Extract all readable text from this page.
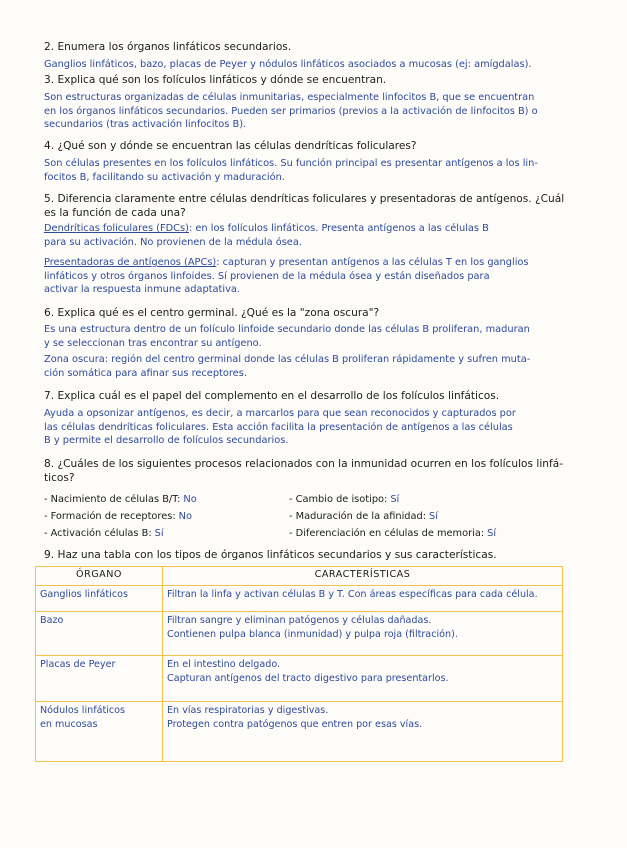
2. Enumera los órganos linfáticos secundarios.
Ganglios linfáticos, bazo, placas de Peyer y nódulos linfáticos asociados a mucosas (ej: amígdalas).
3. Explica qué son los folículos linfáticos y dónde se encuentran.
Son estructuras organizadas de células inmunitarias, especialmente linfocitos B, que se encuentran
en los órganos linfáticos secundarios. Pueden ser primarios (previos a la activación de linfocitos B) o
secundarios (tras activación linfocitos B).
4. ¿Qué son y dónde se encuentran las células dendríticas foliculares?
Son células presentes en los folículos linfáticos. Su función principal es presentar antígenos a los lin-
focitos B, facilitando su activación y maduración.
5. Diferencia claramente entre células dendríticas foliculares y presentadoras de antígenos. ¿Cuál
es la función de cada una?
Dendríticas foliculares (FDCs): en los folículos linfáticos. Presenta antígenos a las células B
para su activación. No provienen de la médula ósea.
Presentadoras de antígenos (APCs): capturan y presentan antígenos a las células T en los ganglios
linfáticos y otros órganos linfoides. Sí provienen de la médula ósea y están diseñados para
activar la respuesta inmune adaptativa.
6. Explica qué es el centro germinal. ¿Qué es la "zona oscura"?
Es una estructura dentro de un folículo linfoide secundario donde las células B proliferan, maduran
y se seleccionan tras encontrar su antígeno.
Zona oscura: región del centro germinal donde las células B proliferan rápidamente y sufren muta-
ción somática para afinar sus receptores.
7. Explica cuál es el papel del complemento en el desarrollo de los folículos linfáticos.
Ayuda a opsonizar antígenos, es decir, a marcarlos para que sean reconocidos y capturados por
las células dendríticas foliculares. Esta acción facilita la presentación de antígenos a las células
B y permite el desarrollo de folículos secundarios.
8. ¿Cuáles de los siguientes procesos relacionados con la inmunidad ocurren en los folículos linfá-
ticos?
- Nacimiento de células B/T: No
- Formación de receptores: No
- Activación células B: Sí
- Cambio de isotipo: Sí
- Maduración de la afinidad: Sí
- Diferenciación en células de memoria: Sí
9. Haz una tabla con los tipos de órganos linfáticos secundarios y sus características.
ÓRGANO	CARACTERÍSTICAS

Ganglios linfáticos	Filtran la linfa y activan células B y T. Con áreas específicas para cada célula.

Bazo	Filtran sangre y eliminan patógenos y células dañadas.
Contienen pulpa blanca (inmunidad) y pulpa roja (filtración).

Placas de Peyer	En el intestino delgado.
Capturan antígenos del tracto digestivo para presentarlos.

Nódulos linfáticos
en mucosas	En vías respiratorias y digestivas.
Protegen contra patógenos que entren por esas vías.
